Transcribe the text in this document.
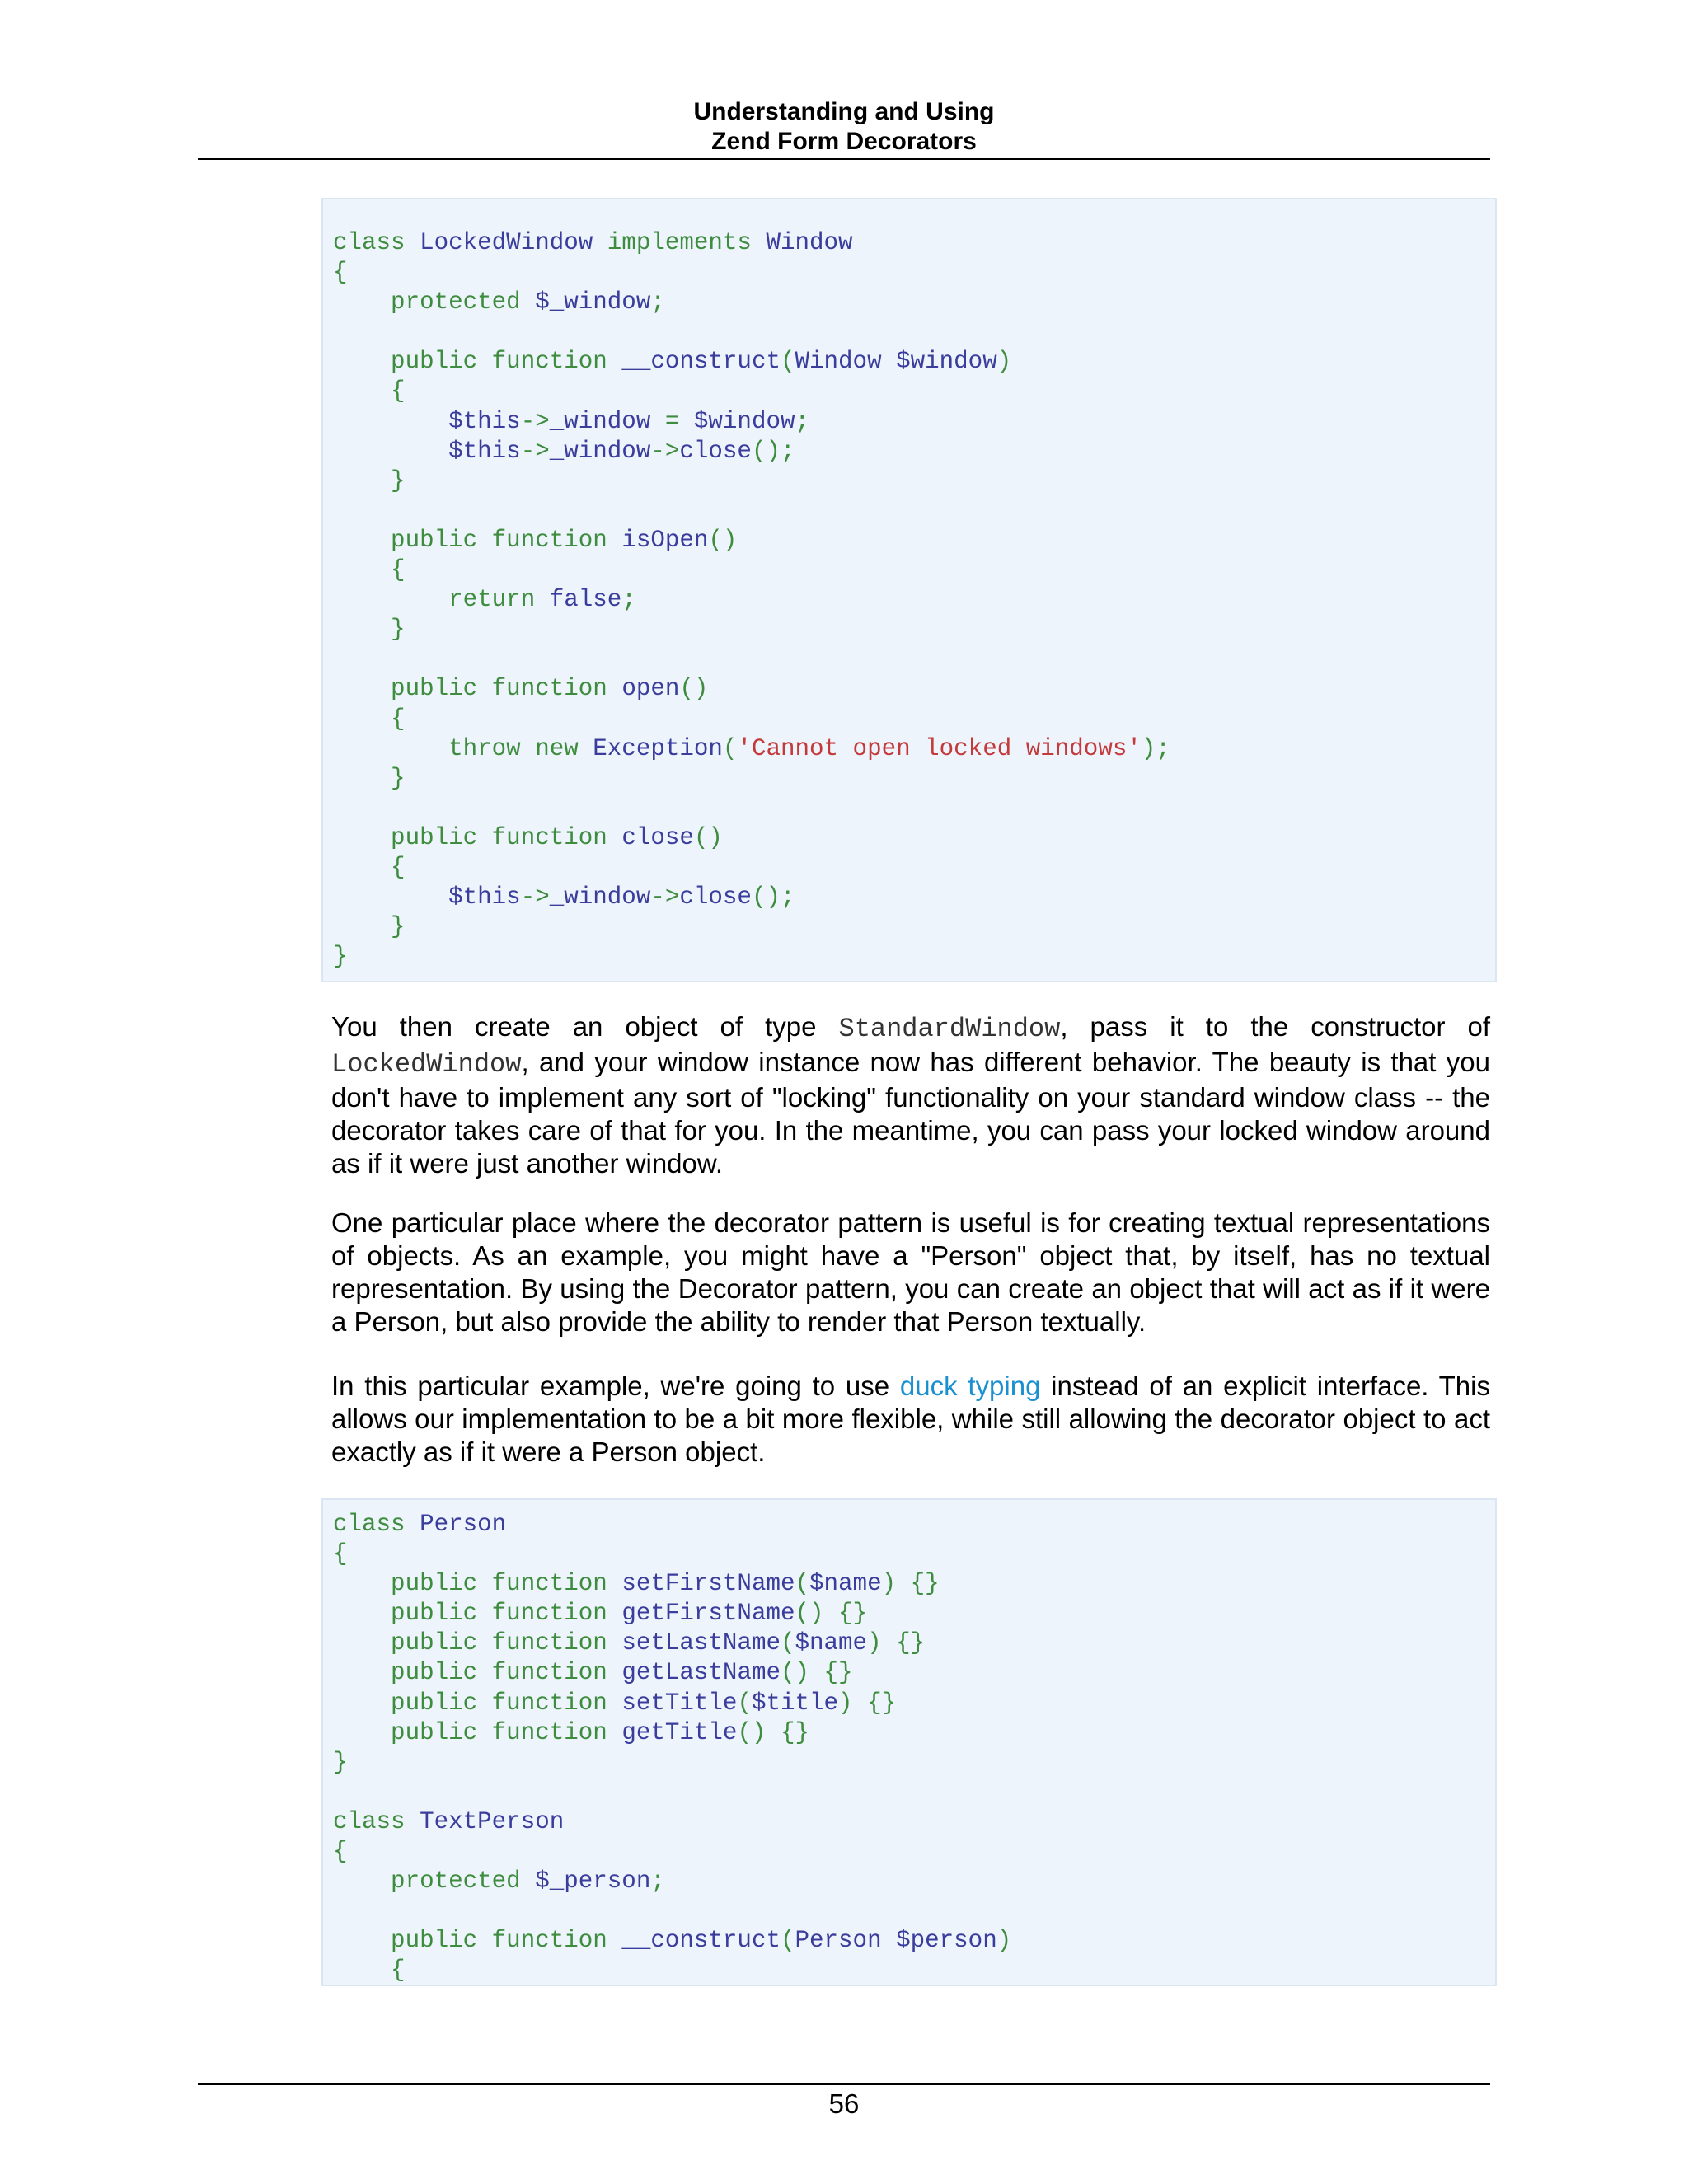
Understanding and Using
Zend Form Decorators
class LockedWindow implements Window
{
protected $_window;

public function __construct(Window $window)
{
$this->_window = $window;
$this->_window->close();
}

public function isOpen()
{
return false;
}

public function open()
{
throw new Exception('Cannot open locked windows');
}

public function close()
{
$this->_window->close();
}
}

You then create an object of type StandardWindow, pass it to the constructor of LockedWindow, and your window instance now has different behavior. The beauty is that you don't have to implement any sort of "locking" functionality on your standard window class -- the decorator takes care of that for you. In the meantime, you can pass your locked window around as if it were just another window.

One particular place where the decorator pattern is useful is for creating textual representations of objects. As an example, you might have a "Person" object that, by itself, has no textual representation. By using the Decorator pattern, you can create an object that will act as if it were a Person, but also provide the ability to render that Person textually.

In this particular example, we're going to use duck typing instead of an explicit interface. This allows our implementation to be a bit more flexible, while still allowing the decorator object to act exactly as if it were a Person object.

class Person
{
public function setFirstName($name) {}
public function getFirstName() {}
public function setLastName($name) {}
public function getLastName() {}
public function setTitle($title) {}
public function getTitle() {}
}

class TextPerson
{
protected $_person;

public function __construct(Person $person)
{
56
